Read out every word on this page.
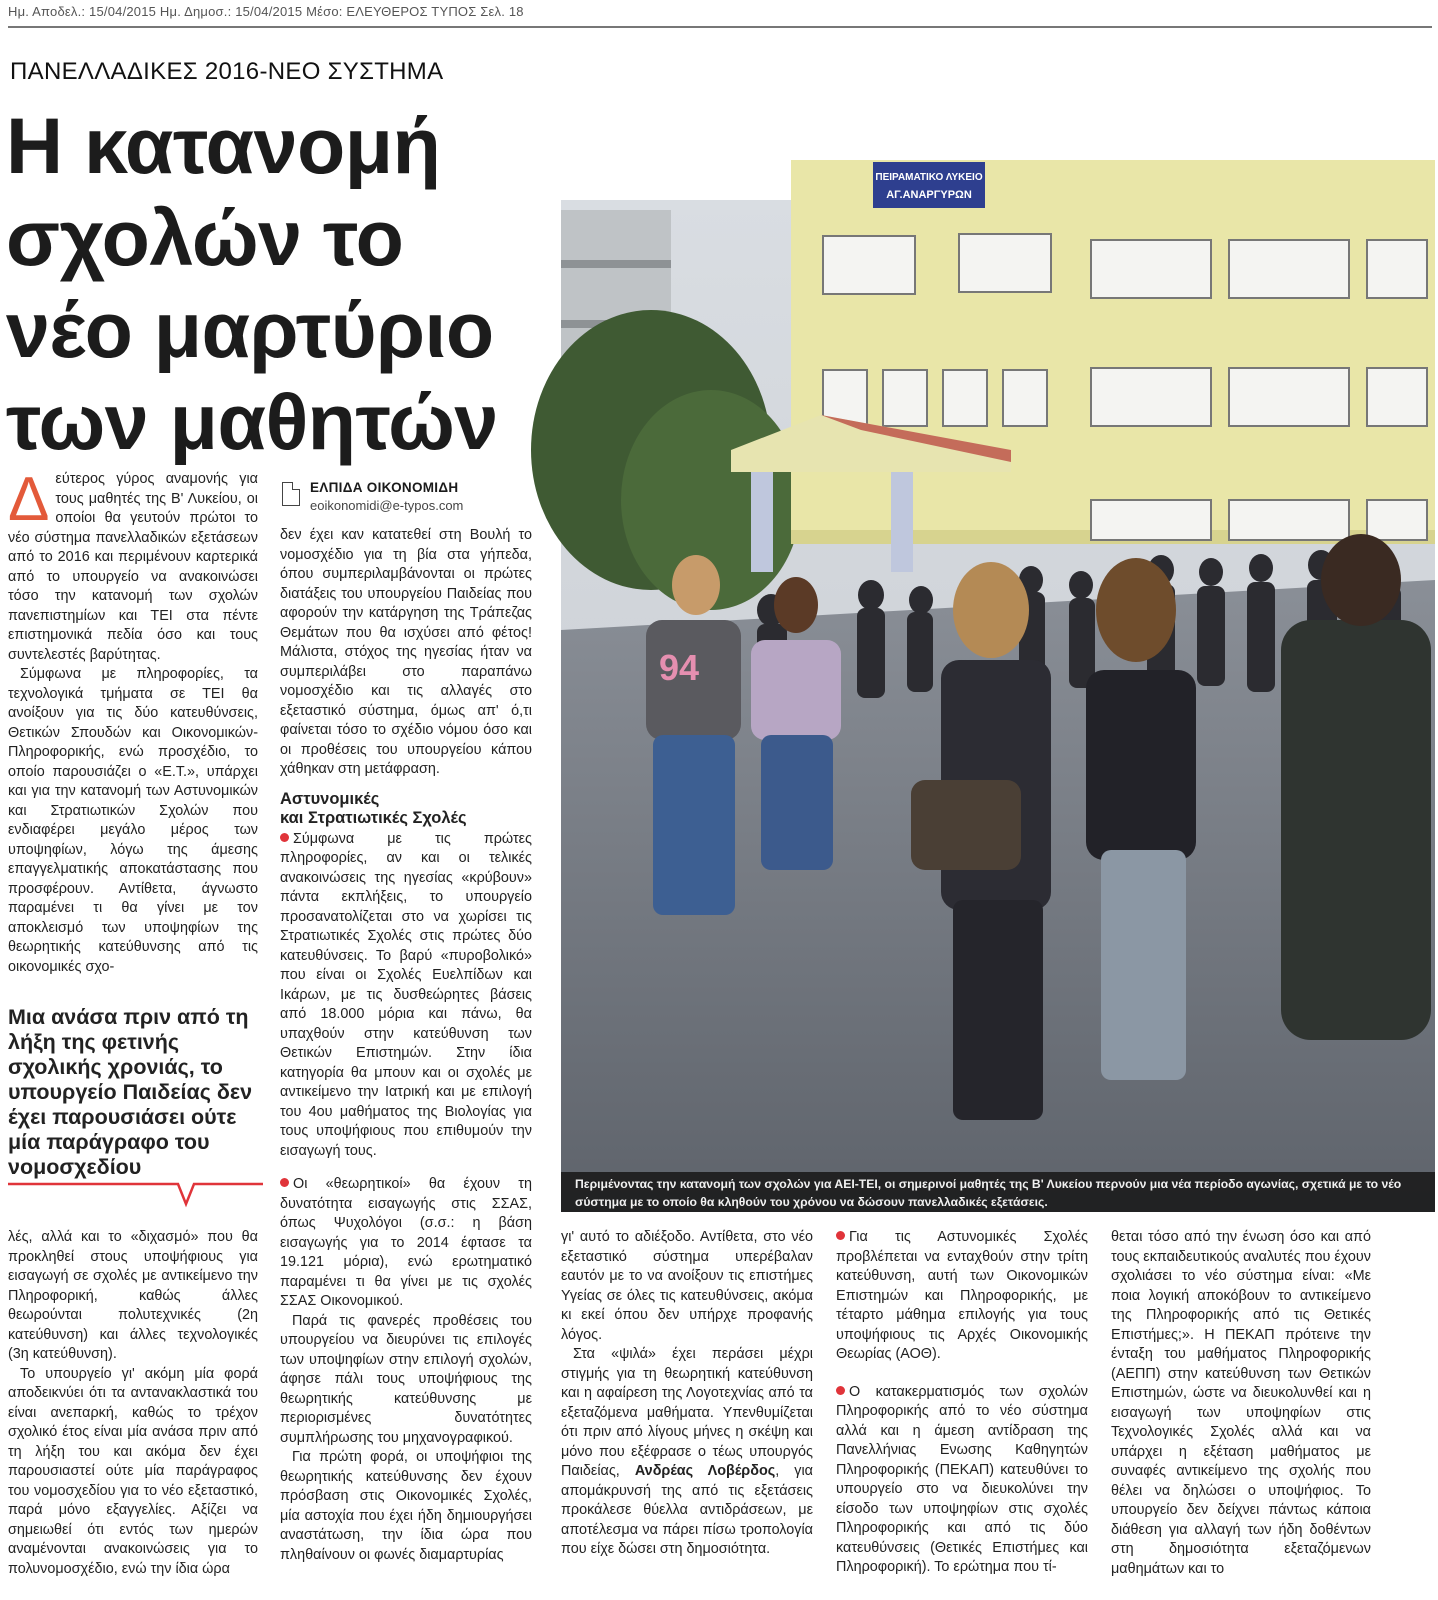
Ημ. Αποδελ.: 15/04/2015 Ημ. Δημοσ.: 15/04/2015 Μέσο: ΕΛΕΥΘΕΡΟΣ ΤΥΠΟΣ Σελ. 18
ΠΑΝΕΛΛΑΔΙΚΕΣ 2016-ΝΕΟ ΣΥΣΤΗΜΑ
Η κατανομή
σχολών το
νέο μαρτύριο
των μαθητών
Δ εύτερος γύρος αναμονής για τους μαθητές της Β' Λυκείου, οι οποίοι θα γευτούν πρώτοι το νέο σύστημα πανελλαδικών εξετάσεων από το 2016 και περιμένουν καρτερικά από το υπουργείο να ανακοινώσει τόσο την κατανομή των σχολών πανεπιστημίων και ΤΕΙ στα πέντε επιστημονικά πεδία όσο και τους συντελεστές βαρύτητας.

Σύμφωνα με πληροφορίες, τα τεχνολογικά τμήματα σε ΤΕΙ θα ανοίξουν για τις δύο κατευθύνσεις, Θετικών Σπουδών και Οικονομικών-Πληροφορικής, ενώ προσχέδιο, το οποίο παρουσιάζει ο «Ε.Τ.», υπάρχει και για την κατανομή των Αστυνομικών και Στρατιωτικών Σχολών που ενδιαφέρει μεγάλο μέρος των υποψηφίων, λόγω της άμεσης επαγγελματικής αποκατάστασης που προσφέρουν. Αντίθετα, άγνωστο παραμένει τι θα γίνει με τον αποκλεισμό των υποψηφίων της θεωρητικής κατεύθυνσης από τις οικονομικές σχο-

Μια ανάσα πριν από τη λήξη της φετινής σχολικής χρονιάς, το υπουργείο Παιδείας δεν έχει παρουσιάσει ούτε μία παράγραφο του νομοσχεδίου
ΕΛΠΙΔΑ ΟΙΚΟΝΟΜΙΔΗ
eoikonomidi@e-typos.com

δεν έχει καν κατατεθεί στη Βουλή το νομοσχέδιο για τη βία στα γήπεδα, όπου συμπεριλαμβάνονται οι πρώτες διατάξεις του υπουργείου Παιδείας που αφορούν την κατάργηση της Τράπεζας Θεμάτων που θα ισχύσει από φέτος! Μάλιστα, στόχος της ηγεσίας ήταν να συμπεριλάβει στο παραπάνω νομοσχέδιο και τις αλλαγές στο εξεταστικό σύστημα, όμως απ' ό,τι φαίνεται τόσο το σχέδιο νόμου όσο και οι προθέσεις του υπουργείου κάπου χάθηκαν στη μετάφραση.

Αστυνομικές
και Στρατιωτικές Σχολές

Σύμφωνα με τις πρώτες πληροφορίες, αν και οι τελικές ανακοινώσεις της ηγεσίας «κρύβουν» πάντα εκπλήξεις, το υπουργείο προσανατολίζεται στο να χωρίσει τις Στρατιωτικές Σχολές στις πρώτες δύο κατευθύνσεις. Το βαρύ «πυροβολικό» που είναι οι Σχολές Ευελπίδων και Ικάρων, με τις δυσθεώρητες βάσεις από 18.000 μόρια και πάνω, θα υπαχθούν στην κατεύθυνση των Θετικών Επιστημών. Στην ίδια κατηγορία θα μπουν και οι σχολές με αντικείμενο την Ιατρική και με επιλογή του 4ου μαθήματος της Βιολογίας για τους υποψήφιους που επιθυμούν την εισαγωγή τους.

Οι «θεωρητικοί» θα έχουν τη δυνατότητα εισαγωγής στις ΣΣΑΣ, όπως Ψυχολόγοι (σ.σ.: η βάση εισαγωγής για το 2014 έφτασε τα 19.121 μόρια), ενώ ερωτηματικό παραμένει τι θα γίνει με τις σχολές ΣΣΑΣ Οικονομικού.

Παρά τις φανερές προθέσεις του υπουργείου να διευρύνει τις επιλογές των υποψηφίων στην επιλογή σχολών, άφησε πάλι τους υποψήφιους της θεωρητικής κατεύθυνσης με περιορισμένες δυνατότητες συμπλήρωσης του μηχανογραφικού.

Για πρώτη φορά, οι υποψήφιοι της θεωρητικής κατεύθυνσης δεν έχουν πρόσβαση στις Οικονομικές Σχολές, μία αστοχία που έχει ήδη δημιουργήσει αναστάτωση, την ίδια ώρα που πληθαίνουν οι φωνές διαμαρτυρίας

λές, αλλά και το «διχασμό» που θα προκληθεί στους υποψήφιους για εισαγωγή σε σχολές με αντικείμενο την Πληροφορική, καθώς άλλες θεωρούνται πολυτεχνικές (2η κατεύθυνση) και άλλες τεχνολογικές (3η κατεύθυνση).

Το υπουργείο γι' ακόμη μία φορά αποδεικνύει ότι τα αντανακλαστικά του είναι ανεπαρκή, καθώς το τρέχον σχολικό έτος είναι μία ανάσα πριν από τη λήξη του και ακόμα δεν έχει παρουσιαστεί ούτε μία παράγραφος του νομοσχεδίου για το νέο εξεταστικό, παρά μόνο εξαγγελίες. Αξίζει να σημειωθεί ότι εντός των ημερών αναμένονται ανακοινώσεις για το πολυνομοσχέδιο, ενώ την ίδια ώρα

γι' αυτό το αδιέξοδο. Αντίθετα, στο νέο εξεταστικό σύστημα υπερέβαλαν εαυτόν με το να ανοίξουν τις επιστήμες Υγείας σε όλες τις κατευθύνσεις, ακόμα κι εκεί όπου δεν υπήρχε προφανής λόγος.

Στα «ψιλά» έχει περάσει μέχρι στιγμής για τη θεωρητική κατεύθυνση και η αφαίρεση της Λογοτεχνίας από τα εξεταζόμενα μαθήματα. Υπενθυμίζεται ότι πριν από λίγους μήνες η σκέψη και μόνο που εξέφρασε ο τέως υπουργός Παιδείας, Ανδρέας Λοβέρδος, για απομάκρυνσή της από τις εξετάσεις προκάλεσε θύελλα αντιδράσεων, με αποτέλεσμα να πάρει πίσω τροπολογία που είχε δώσει στη δημοσιότητα.

Για τις Αστυνομικές Σχολές προβλέπεται να ενταχθούν στην τρίτη κατεύθυνση, αυτή των Οικονομικών Επιστημών και Πληροφορικής, με τέταρτο μάθημα επιλογής για τους υποψήφιους τις Αρχές Οικονομικής Θεωρίας (ΑΟΘ).

Ο κατακερματισμός των σχολών Πληροφορικής από το νέο σύστημα αλλά και η άμεση αντίδραση της Πανελλήνιας Ενωσης Καθηγητών Πληροφορικής (ΠΕΚΑΠ) κατευθύνει το υπουργείο στο να διευκολύνει την είσοδο των υποψηφίων στις σχολές Πληροφορικής και από τις δύο κατευθύνσεις (Θετικές Επιστήμες και Πληροφορική). Το ερώτημα που τί-

θεται τόσο από την ένωση όσο και από τους εκπαιδευτικούς αναλυτές που έχουν σχολιάσει το νέο σύστημα είναι: «Με ποια λογική αποκόβουν το αντικείμενο της Πληροφορικής από τις Θετικές Επιστήμες;». Η ΠΕΚΑΠ πρότεινε την ένταξη του μαθήματος Πληροφορικής (ΑΕΠΠ) στην κατεύθυνση των Θετικών Επιστημών, ώστε να διευκολυνθεί και η εισαγωγή των υποψηφίων στις Τεχνολογικές Σχολές αλλά και να υπάρχει η εξέταση μαθήματος με συναφές αντικείμενο της σχολής που θέλει να δηλώσει ο υποψήφιος. Το υπουργείο δεν δείχνει πάντως κάποια διάθεση για αλλαγή των ήδη δοθέντων στη δημοσιότητα εξεταζόμενων μαθημάτων και το

ΠΕΙΡΑΜΑΤΙΚΟ ΛΥΚΕΙΟ
ΑΓ.ΑΝΑΡΓΥΡΩΝ
94
Περιμένοντας την κατανομή των σχολών για ΑΕΙ-ΤΕΙ, οι σημερινοί μαθητές της Β' Λυκείου περνούν μια νέα περίοδο αγωνίας, σχετικά με το νέο σύστημα με το οποίο θα κληθούν του χρόνου να δώσουν πανελλαδικές εξετάσεις.
